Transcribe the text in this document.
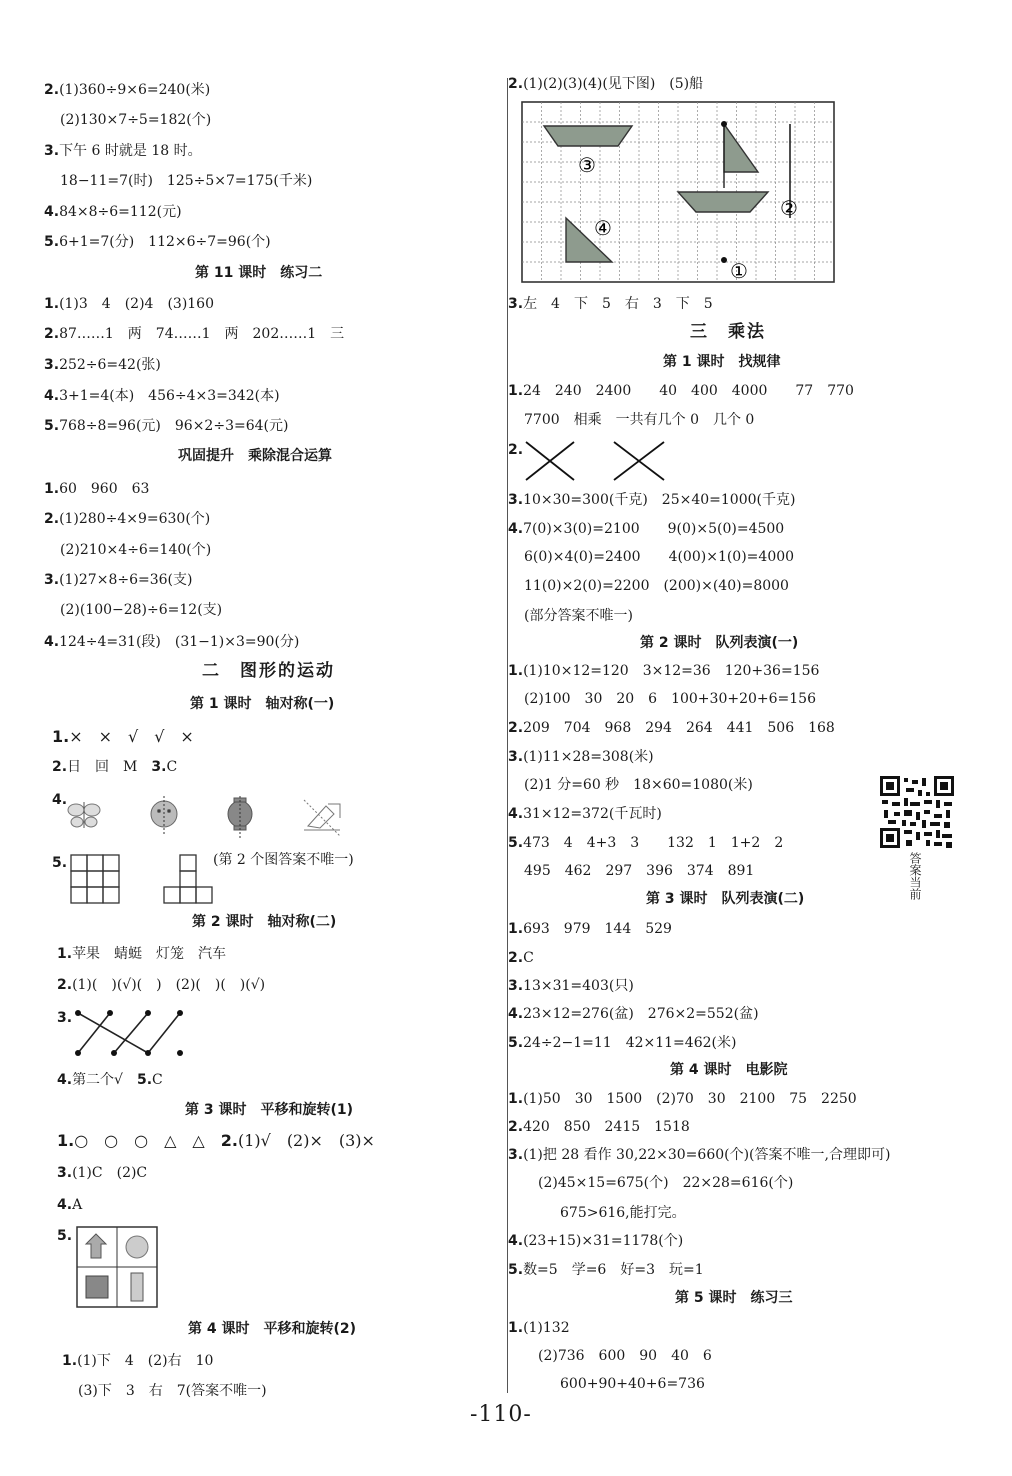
2.(1)360÷9×6=240(米)
(2)130×7÷5=182(个)
3.下午 6 时就是 18 时。
18−11=7(时)　125÷5×7=175(千米)
4.84×8÷6=112(元)
5.6+1=7(分)　112×6÷7=96(个)
第 11 课时　练习二
1.(1)3　4　(2)4　(3)160
2.87……1　两　74……1　两　202……1　三
3.252÷6=42(张)
4.3+1=4(本)　456÷4×3=342(本)
5.768÷8=96(元)　96×2÷3=64(元)
巩固提升　乘除混合运算
1.60　960　63
2.(1)280÷4×9=630(个)
(2)210×4÷6=140(个)
3.(1)27×8÷6=36(支)
(2)(100−28)÷6=12(支)
4.124÷4=31(段)　(31−1)×3=90(分)
二　图形的运动
第 1 课时　轴对称(一)
1.×　×　√　√　×
2.日　回　M　 3.C
4.
5.	(第 2 个图答案不唯一)
第 2 课时　轴对称(二)
1.苹果　蜻蜓　灯笼　汽车
2.(1)(　)(√)(　)　(2)(　)(　)(√)
3.
4.第二个√　 5.C
第 3 课时　平移和旋转(1)
1.○　○　○　△　△　 2.(1)√　(2)×　(3)×
3.(1)C　(2)C
4.A
5.
第 4 课时　平移和旋转(2)
1.(1)下　4　(2)右　10
(3)下　3　右　7(答案不唯一)
2.(1)(2)(3)(4)(见下图)　(5)船
③
①
②
④
3.左　4　下　5　右　3　下　5
三　乘法
第 1 课时　找规律
1.24　240　2400　　40　400　4000　　77　770
7700　相乘　一共有几个 0　几个 0
2.
3.10×30=300(千克)　25×40=1000(千克)
4.7(0)×3(0)=2100　　9(0)×5(0)=4500
6(0)×4(0)=2400　　4(00)×1(0)=4000
11(0)×2(0)=2200　(200)×(40)=8000
(部分答案不唯一)
第 2 课时　队列表演(一)
1.(1)10×12=120　3×12=36　120+36=156
(2)100　30　20　6　100+30+20+6=156
2.209　704　968　294　264　441　506　168
3.(1)11×28=308(米)
(2)1 分=60 秒　18×60=1080(米)
4.31×12=372(千瓦时)
5.473　4　4+3　3　　132　1　1+2　2
495　462　297　396　374　891
第 3 课时　队列表演(二)
1.693　979　144　529
2.C
3.13×31=403(只)
4.23×12=276(盆)　276×2=552(盆)
5.24÷2−1=11　42×11=462(米)
第 4 课时　电影院
1.(1)50　30　1500　(2)70　30　2100　75　2250
2.420　850　2415　1518
3.(1)把 28 看作 30,22×30=660(个)(答案不唯一,合理即可)
(2)45×15=675(个)　22×28=616(个)
675>616,能打完。
4.(23+15)×31=1178(个)
5.数=5　学=6　好=3　玩=1
第 5 课时　练习三
1.(1)132
(2)736　600　90　40　6
600+90+40+6=736
答案当前
-110-
